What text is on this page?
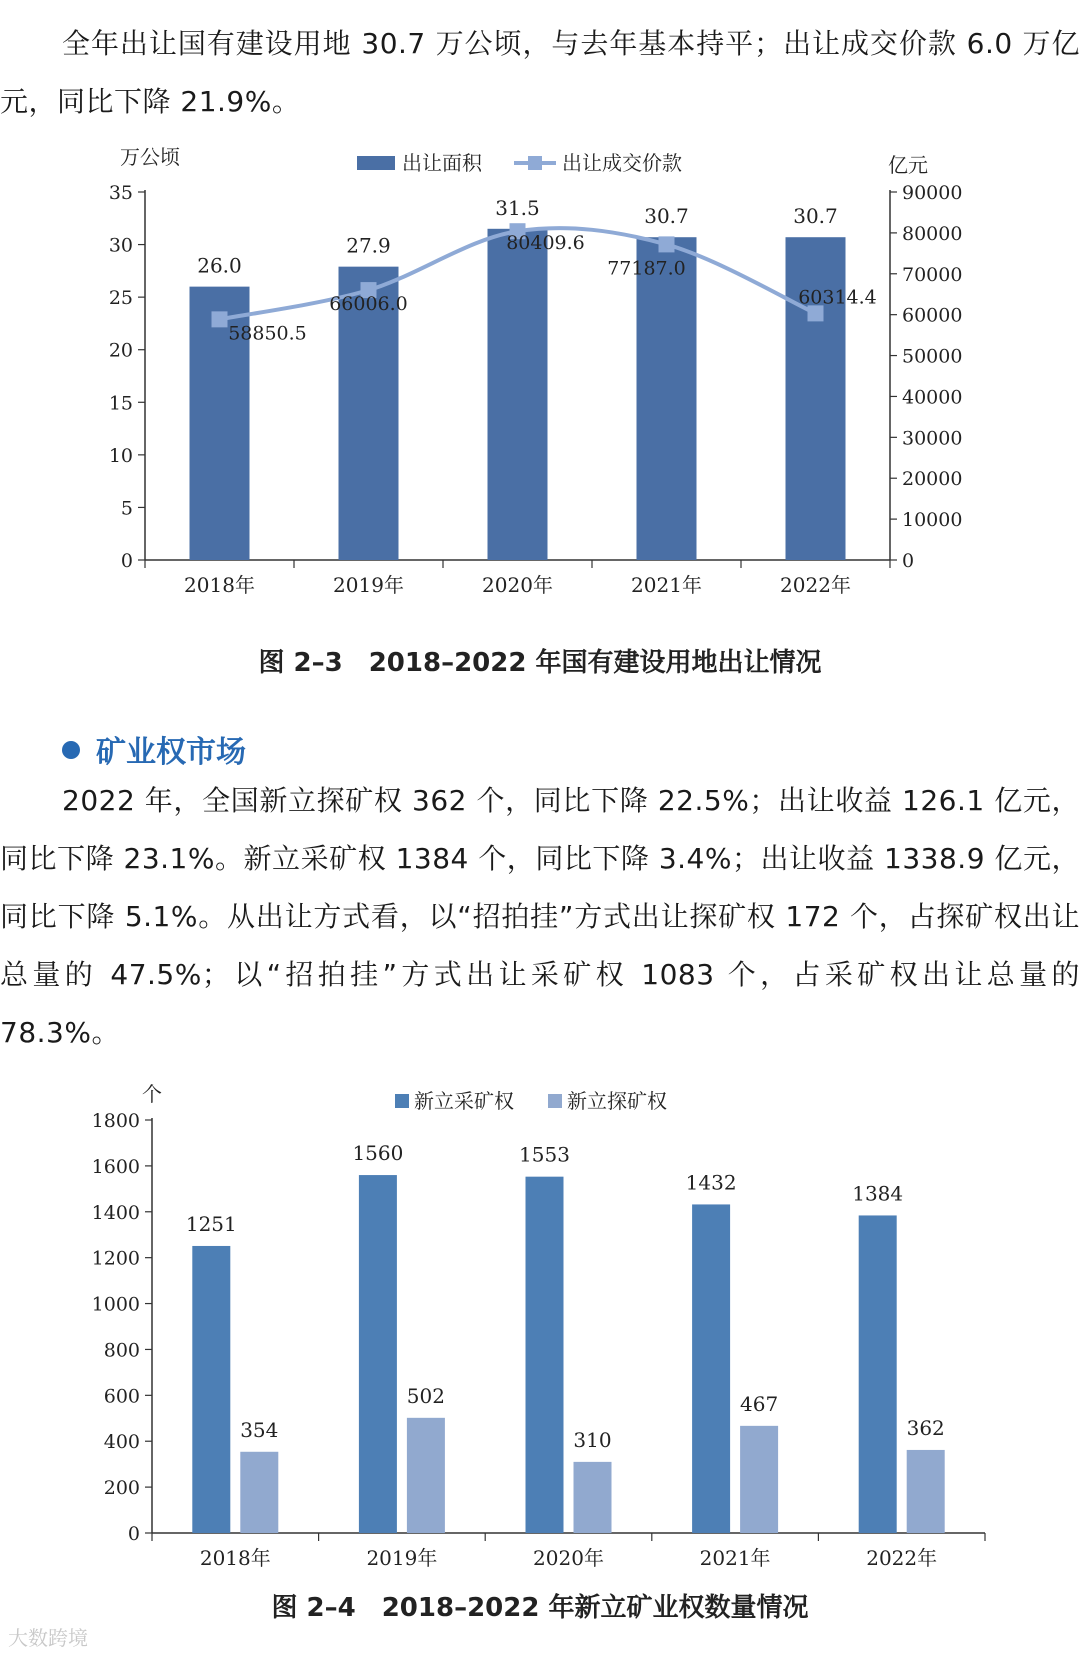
全年出让国有建设用地 30.7 万公顷，与去年基本持平；出让成交价款 6.0 万亿元，同比下降 21.9%。

万公顷	亿元
0
5
10
15
20
25
30
35
0
10000
20000
30000
40000
50000
60000
70000
80000
90000
2018年	2019年	2020年	2021年	2022年
26.0
27.9
31.5	30.7	30.7
58850.5
66006.0
80409.6
77187.0
60314.4
出让面积	出让成交价款
图 2–3　2018–2022 年国有建设用地出让情况
矿业权市场

2022 年，全国新立探矿权 362 个，同比下降 22.5%；出让收益 126.1 亿元，同比下降 23.1%。新立采矿权 1384 个，同比下降 3.4%；出让收益 1338.9 亿元，同比下降 5.1%。从出让方式看，以“招拍挂”方式出让探矿权 172 个，占探矿权出让总量的 47.5%；以“招拍挂”方式出让采矿权 1083 个，占采矿权出让总量的 78.3%。

个
0
200
400
600
800
1000
1200
1400
1600
1800
2018年	2019年	2020年	2021年	2022年
1251
1560	1553
1432	1384
354
502
310
467
362
新立采矿权	新立探矿权
图 2–4　2018–2022 年新立矿业权数量情况
大数跨境
